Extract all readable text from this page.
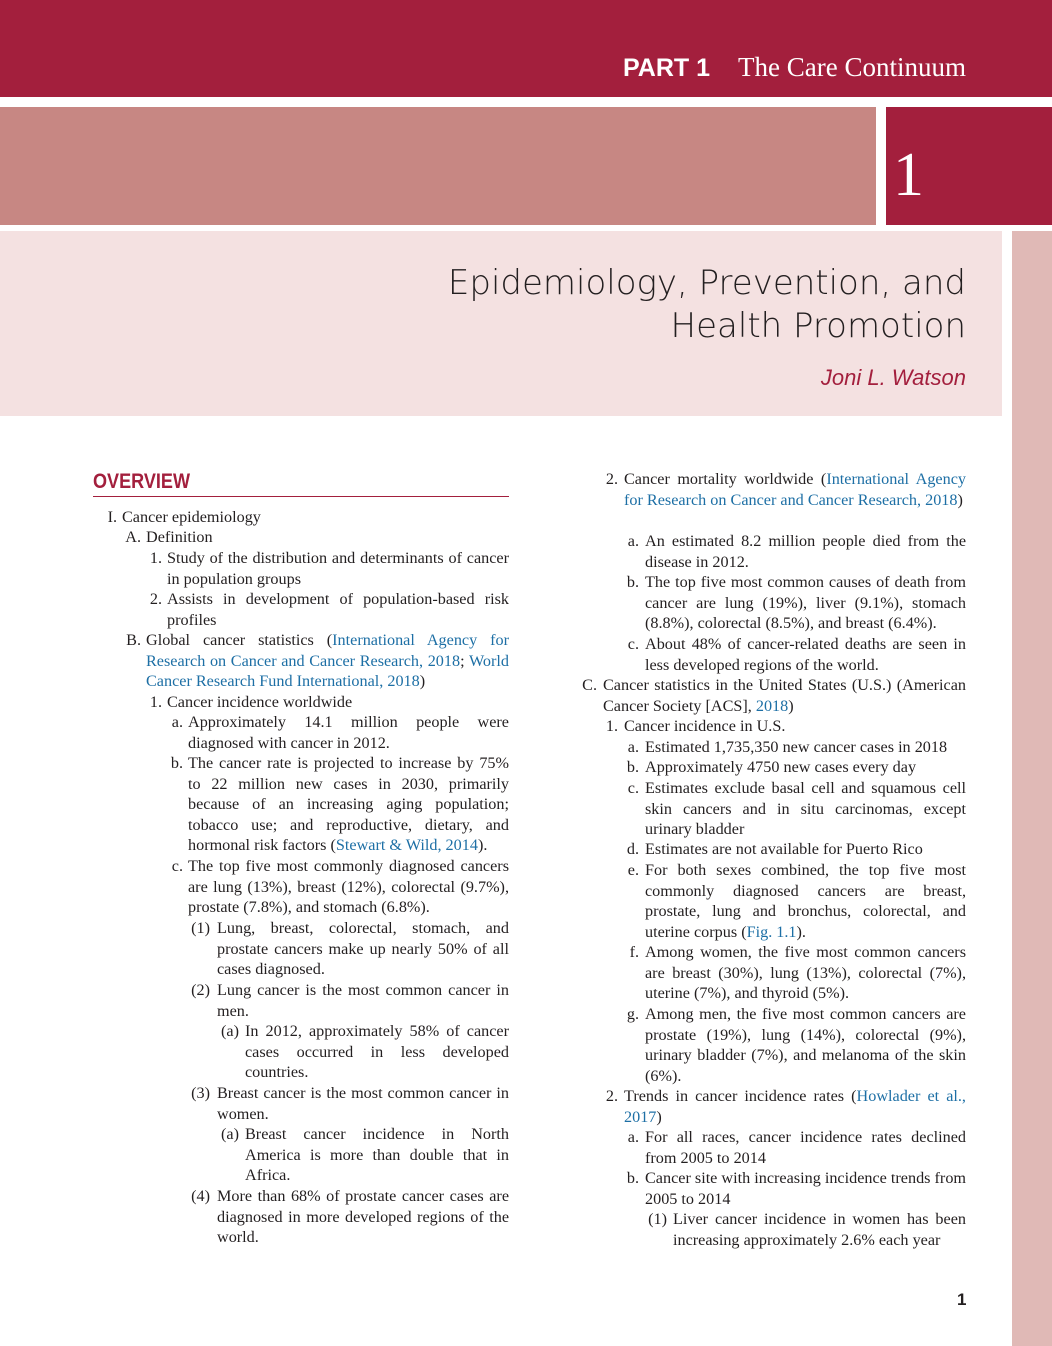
PART 1 The Care Continuum
1
Epidemiology, Prevention, and
Health Promotion
Joni L. Watson
OVERVIEW
I. Cancer epidemiology
A. Definition
1. Study of the distribution and determinants of cancer in population groups
2. Assists in development of population-based risk profiles
B. Global cancer statistics (International Agency for Research on Cancer and Cancer Research, 2018; World Cancer Research Fund International, 2018)
1. Cancer incidence worldwide
a. Approximately 14.1 million people were diagnosed with cancer in 2012.
b. The cancer rate is projected to increase by 75% to 22 million new cases in 2030, primarily because of an increasing aging population; tobacco use; and reproductive, dietary, and hormonal risk factors (Stewart & Wild, 2014).
c. The top five most commonly diagnosed cancers are lung (13%), breast (12%), colorectal (9.7%), prostate (7.8%), and stomach (6.8%).
(1) Lung, breast, colorectal, stomach, and prostate cancers make up nearly 50% of all cases diagnosed.
(2) Lung cancer is the most common cancer in men.
(a) In 2012, approximately 58% of cancer cases occurred in less developed countries.
(3) Breast cancer is the most common cancer in women.
(a) Breast cancer incidence in North America is more than double that in Africa.
(4) More than 68% of prostate cancer cases are diagnosed in more developed regions of the world.
2. Cancer mortality worldwide (International Agency for Research on Cancer and Cancer Research, 2018)
a. An estimated 8.2 million people died from the disease in 2012.
b. The top five most common causes of death from cancer are lung (19%), liver (9.1%), stomach (8.8%), colorectal (8.5%), and breast (6.4%).
c. About 48% of cancer-related deaths are seen in less developed regions of the world.
C. Cancer statistics in the United States (U.S.) (American Cancer Society [ACS], 2018)
1. Cancer incidence in U.S.
a. Estimated 1,735,350 new cancer cases in 2018
b. Approximately 4750 new cases every day
c. Estimates exclude basal cell and squamous cell skin cancers and in situ carcinomas, except urinary bladder
d. Estimates are not available for Puerto Rico
e. For both sexes combined, the top five most commonly diagnosed cancers are breast, prostate, lung and bronchus, colorectal, and uterine corpus (Fig. 1.1).
f. Among women, the five most common cancers are breast (30%), lung (13%), colorectal (7%), uterine (7%), and thyroid (5%).
g. Among men, the five most common cancers are prostate (19%), lung (14%), colorectal (9%), urinary bladder (7%), and melanoma of the skin (6%).
2. Trends in cancer incidence rates (Howlader et al., 2017)
a. For all races, cancer incidence rates declined from 2005 to 2014
b. Cancer site with increasing incidence trends from 2005 to 2014
(1) Liver cancer incidence in women has been increasing approximately 2.6% each year
1
